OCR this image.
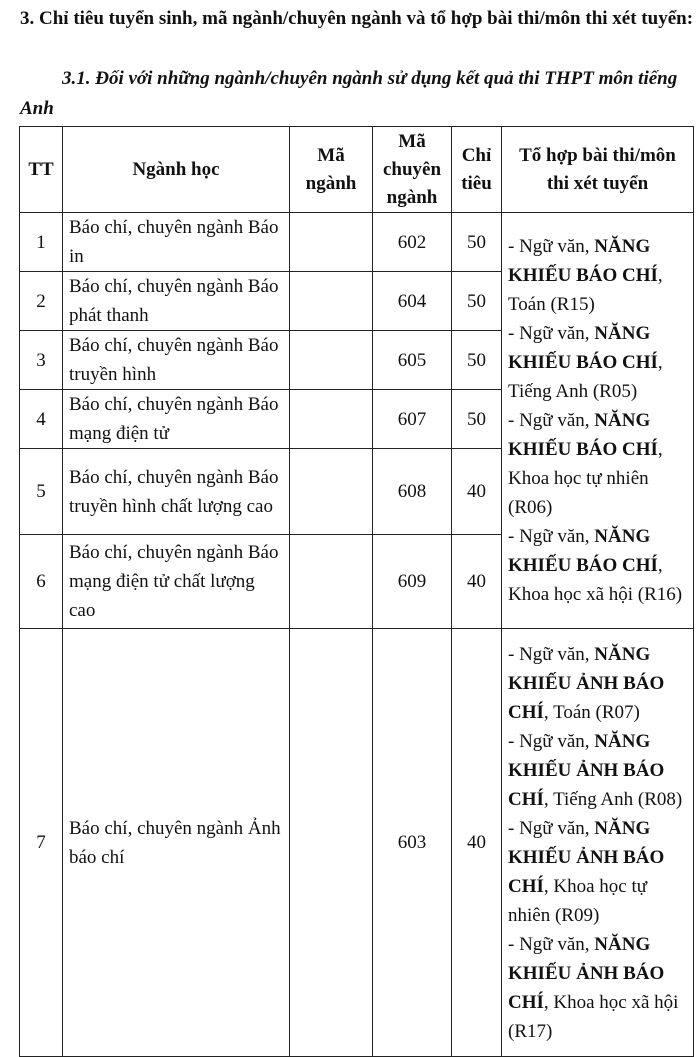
3. Chỉ tiêu tuyển sinh, mã ngành/chuyên ngành và tổ hợp bài thi/môn thi xét tuyển:
3.1. Đối với những ngành/chuyên ngành sử dụng kết quả thi THPT môn tiếng Anh
TT	Ngành học	Mã ngành	Mã chuyên ngành	Chỉ tiêu	Tổ hợp bài thi/môn thi xét tuyển
1	Báo chí, chuyên ngành Báo in		602	50	- Ngữ văn, NĂNG KHIẾU BÁO CHÍ, Toán (R15)
- Ngữ văn, NĂNG KHIẾU BÁO CHÍ, Tiếng Anh (R05)
- Ngữ văn, NĂNG KHIẾU BÁO CHÍ, Khoa học tự nhiên (R06)
- Ngữ văn, NĂNG KHIẾU BÁO CHÍ, Khoa học xã hội (R16)

2	Báo chí, chuyên ngành Báo phát thanh		604	50	
3	Báo chí, chuyên ngành Báo truyền hình		605	50	
4	Báo chí, chuyên ngành Báo mạng điện tử		607	50	
5	Báo chí, chuyên ngành Báo truyền hình chất lượng cao		608	40	
6	Báo chí, chuyên ngành Báo mạng điện tử chất lượng cao		609	40	
7	Báo chí, chuyên ngành Ảnh báo chí		603	40	- Ngữ văn, NĂNG KHIẾU ẢNH BÁO CHÍ, Toán (R07)
- Ngữ văn, NĂNG KHIẾU ẢNH BÁO CHÍ, Tiếng Anh (R08)
- Ngữ văn, NĂNG KHIẾU ẢNH BÁO CHÍ, Khoa học tự nhiên (R09)
- Ngữ văn, NĂNG KHIẾU ẢNH BÁO CHÍ, Khoa học xã hội (R17)
